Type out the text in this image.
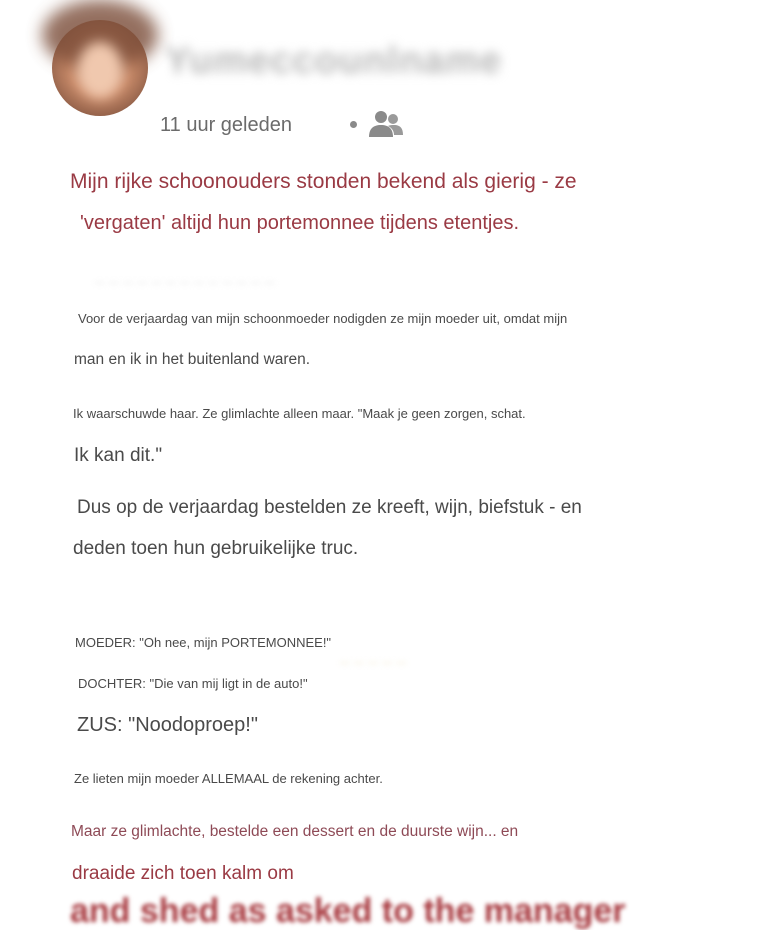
_ _ _ _ _ _ _ _ _ _ _ _ _
_ _ _ _ _
Yumeccounlname
11 uur geleden
Mijn rijke schoonouders stonden bekend als gierig - ze
'vergaten' altijd hun portemonnee tijdens etentjes.
Voor de verjaardag van mijn schoonmoeder nodigden ze mijn moeder uit, omdat mijn
man en ik in het buitenland waren.
Ik waarschuwde haar. Ze glimlachte alleen maar. "Maak je geen zorgen, schat.
Ik kan dit."
Dus op de verjaardag bestelden ze kreeft, wijn, biefstuk - en
deden toen hun gebruikelijke truc.
MOEDER: "Oh nee, mijn PORTEMONNEE!"
DOCHTER: "Die van mij ligt in de auto!"
ZUS: "Noodoproep!"
Ze lieten mijn moeder ALLEMAAL de rekening achter.
Maar ze glimlachte, bestelde een dessert en de duurste wijn... en
draaide zich toen kalm om
and shed as asked to the manager
